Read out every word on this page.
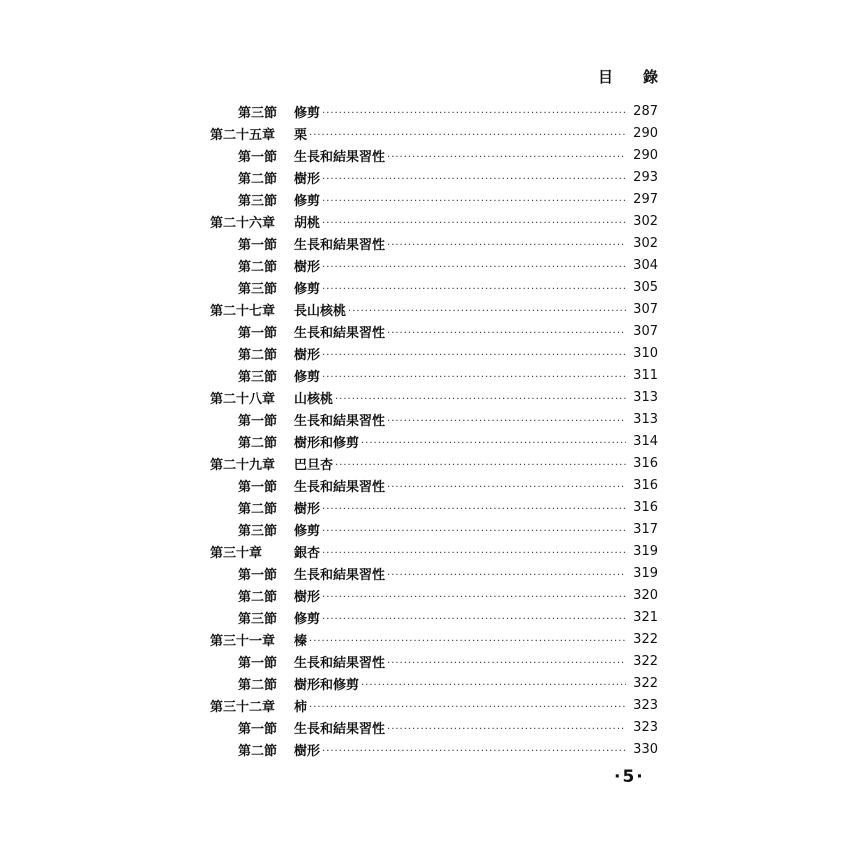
目 錄
第三節	修剪 ·····	287
第二十五章	栗 ·····	290
第一節	生長和結果習性 ·····	290
第二節	樹形 ·····	293
第三節	修剪 ·····	297
第二十六章	胡桃 ·····	302
第一節	生長和結果習性 ·····	302
第二節	樹形 ·····	304
第三節	修剪 ·····	305
第二十七章	長山核桃 ·····	307
第一節	生長和結果習性 ·····	307
第二節	樹形 ·····	310
第三節	修剪 ·····	311
第二十八章	山核桃 ·····	313
第一節	生長和結果習性 ·····	313
第二節	樹形和修剪 ·····	314
第二十九章	巴旦杏 ·····	316
第一節	生長和結果習性 ·····	316
第二節	樹形 ·····	316
第三節	修剪 ·····	317
第三十章	銀杏 ·····	319
第一節	生長和結果習性 ·····	319
第二節	樹形 ·····	320
第三節	修剪 ·····	321
第三十一章	榛 ·····	322
第一節	生長和結果習性 ·····	322
第二節	樹形和修剪 ·····	322
第三十二章	柿 ·····	323
第一節	生長和結果習性 ·····	323
第二節	樹形 ·····	330
·5·
